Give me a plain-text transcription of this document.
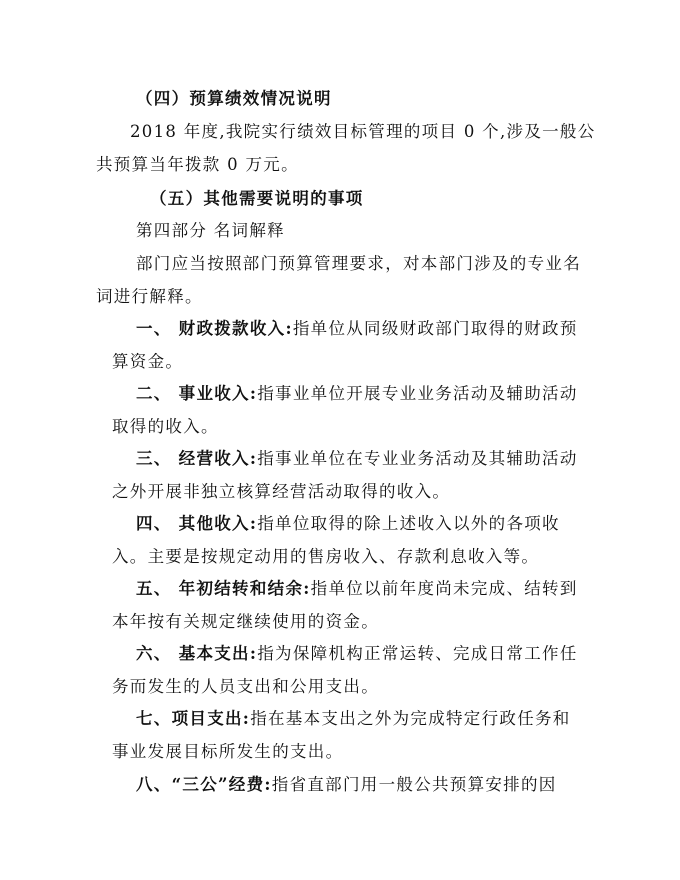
（四）预算绩效情况说明
2018 年度,我院实行绩效目标管理的项目 0 个,涉及一般公
共预算当年拨款 0 万元。
（五）其他需要说明的事项
第四部分 名词解释
部门应当按照部门预算管理要求，对本部门涉及的专业名
词进行解释。
一、 财政拨款收入:指单位从同级财政部门取得的财政预
算资金。
二、 事业收入:指事业单位开展专业业务活动及辅助活动
取得的收入。
三、 经营收入:指事业单位在专业业务活动及其辅助活动
之外开展非独立核算经营活动取得的收入。
四、 其他收入:指单位取得的除上述收入以外的各项收
入。主要是按规定动用的售房收入、存款利息收入等。
五、 年初结转和结余:指单位以前年度尚未完成、结转到
本年按有关规定继续使用的资金。
六、 基本支出:指为保障机构正常运转、完成日常工作任
务而发生的人员支出和公用支出。
七、项目支出:指在基本支出之外为完成特定行政任务和
事业发展目标所发生的支出。
八、“三公”经费:指省直部门用一般公共预算安排的因
